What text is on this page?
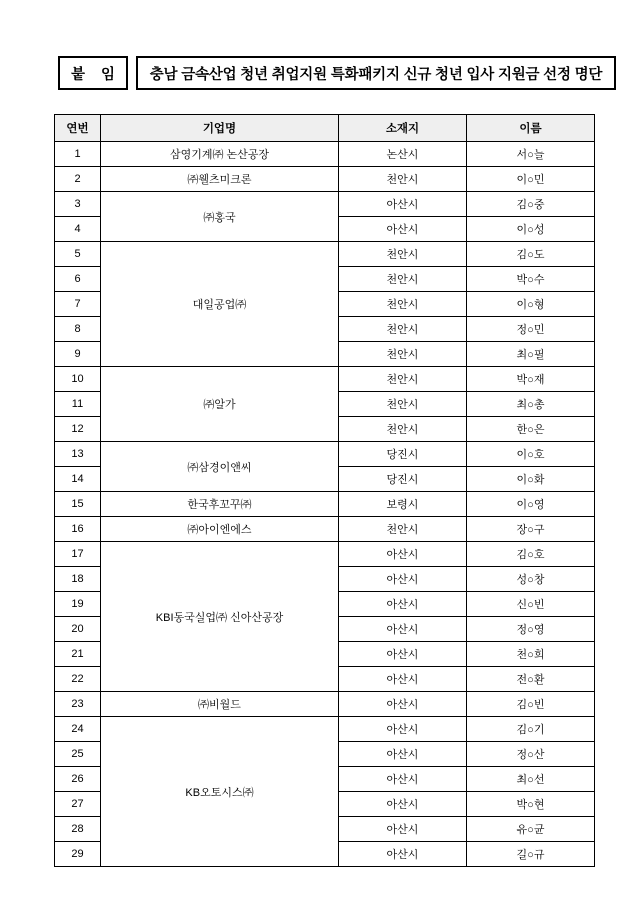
붙 임 충남 금속산업 청년 취업지원 특화패키지 신규 청년 입사 지원금 선정 명단
연번	기업명	소재지	이름
1	삼영기계㈜ 논산공장	논산시	서○늘
2	㈜웰츠미크론	천안시	이○민
3	㈜홍국	아산시	김○중
4		아산시	이○성
5	대일공업㈜	천안시	김○도
6		천안시	박○수
7		천안시	이○형
8		천안시	정○민
9		천안시	최○필
10	㈜알가	천안시	박○재
11		천안시	최○총
12		천안시	한○은
13	㈜삼경이앤씨	당진시	이○호
14		당진시	이○화
15	한국후꼬꾸㈜	보령시	이○영
16	㈜아이엔에스	천안시	장○구
17	KBI동국실업㈜ 신아산공장	아산시	김○호
18		아산시	성○창
19		아산시	신○빈
20		아산시	정○영
21		아산시	천○희
22		아산시	전○환
23	㈜비월드	아산시	김○빈
24	KB오토시스㈜	아산시	김○기
25		아산시	정○산
26		아산시	최○선
27		아산시	박○현
28		아산시	유○균
29		아산시	길○규
